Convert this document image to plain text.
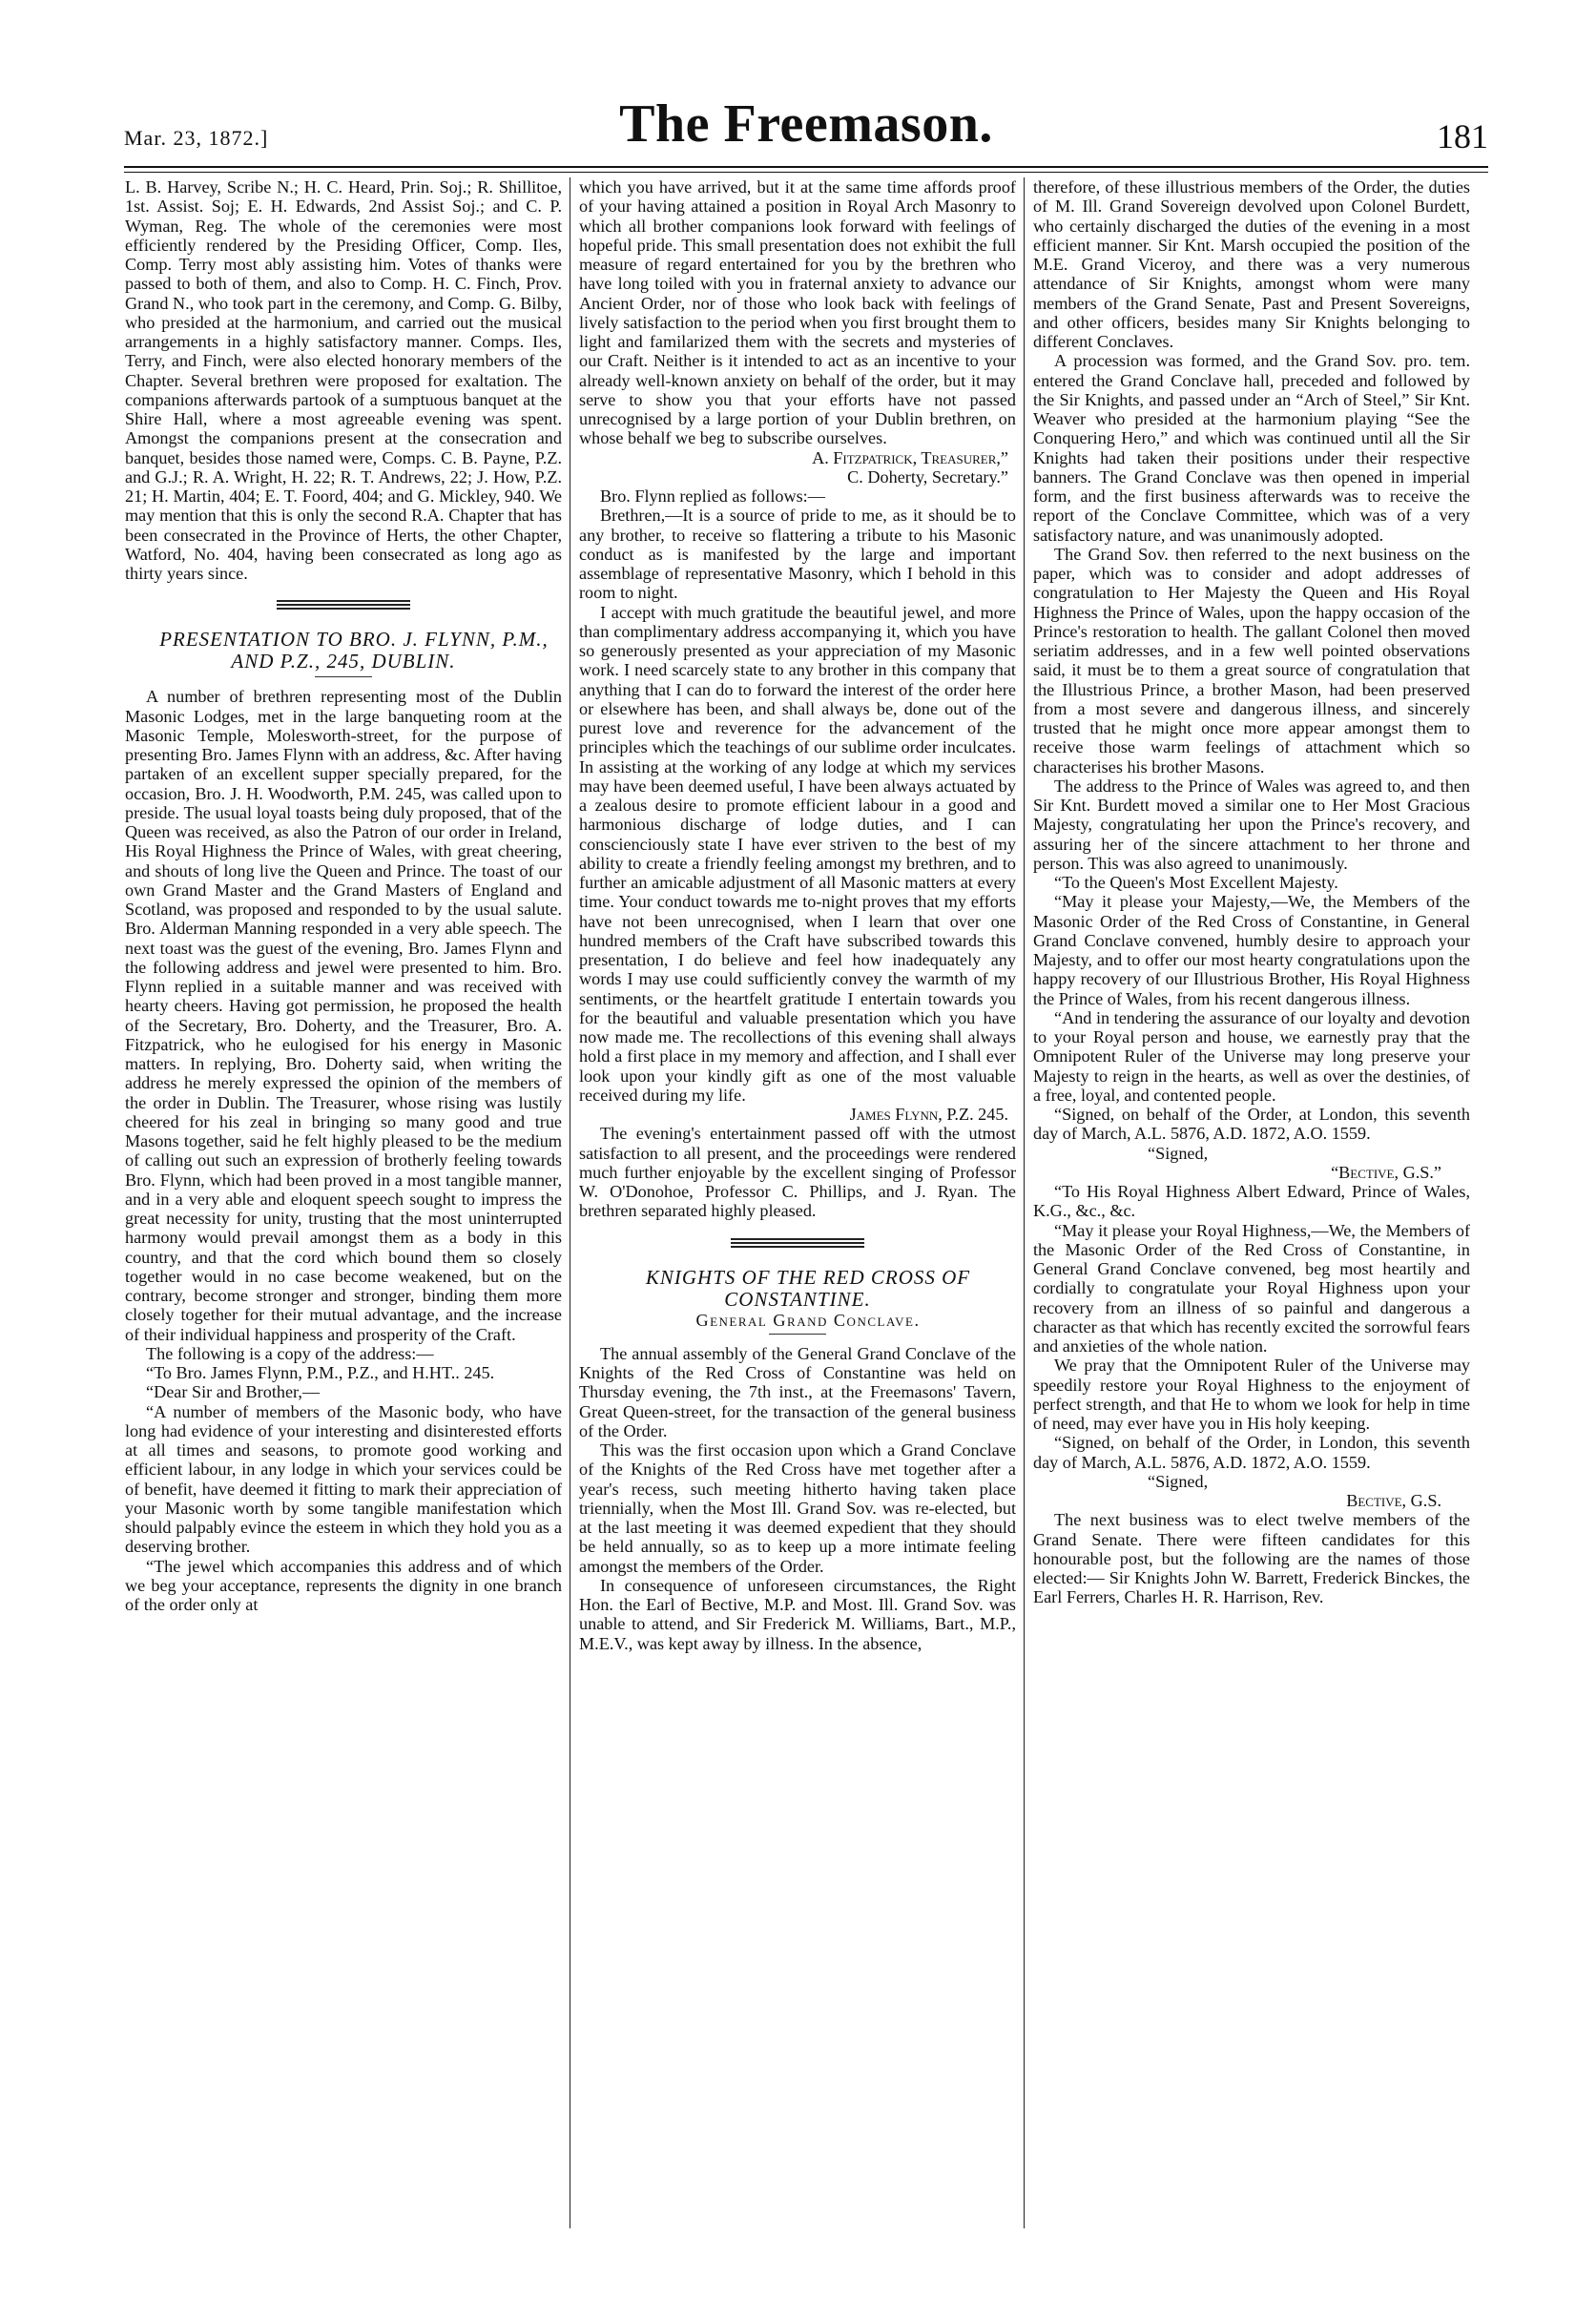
Mar. 23, 1872.]	The Freemason.	181

L. B. Harvey, Scribe N.; H. C. Heard, Prin. Soj.; R. Shillitoe, 1st. Assist. Soj; E. H. Edwards, 2nd Assist Soj.; and C. P. Wyman, Reg. The whole of the ceremonies were most efficiently rendered by the Presiding Officer, Comp. Iles, Comp. Terry most ably assisting him. Votes of thanks were passed to both of them, and also to Comp. H. C. Finch, Prov. Grand N., who took part in the ceremony, and Comp. G. Bilby, who presided at the harmonium, and carried out the musical arrangements in a highly satisfactory manner. Comps. Iles, Terry, and Finch, were also elected honorary members of the Chapter. Several brethren were proposed for exaltation. The companions afterwards partook of a sumptuous banquet at the Shire Hall, where a most agreeable evening was spent. Amongst the companions present at the consecration and banquet, besides those named were, Comps. C. B. Payne, P.Z. and G.J.; R. A. Wright, H. 22; R. T. Andrews, 22; J. How, P.Z. 21; H. Martin, 404; E. T. Foord, 404; and G. Mickley, 940. We may mention that this is only the second R.A. Chapter that has been consecrated in the Province of Herts, the other Chapter, Watford, No. 404, having been consecrated as long ago as thirty years since.

PRESENTATION TO BRO. J. FLYNN, P.M., AND P.Z., 245, DUBLIN.

A number of brethren representing most of the Dublin Masonic Lodges, met in the large banqueting room at the Masonic Temple, Molesworth-street, for the purpose of presenting Bro. James Flynn with an address, &c. After having partaken of an excellent supper specially prepared, for the occasion, Bro. J. H. Woodworth, P.M. 245, was called upon to preside. The usual loyal toasts being duly proposed, that of the Queen was received, as also the Patron of our order in Ireland, His Royal Highness the Prince of Wales, with great cheering, and shouts of long live the Queen and Prince. The toast of our own Grand Master and the Grand Masters of England and Scotland, was proposed and responded to by the usual salute. Bro. Alderman Manning responded in a very able speech. The next toast was the guest of the evening, Bro. James Flynn and the following address and jewel were presented to him. Bro. Flynn replied in a suitable manner and was received with hearty cheers. Having got permission, he proposed the health of the Secretary, Bro. Doherty, and the Treasurer, Bro. A. Fitzpatrick, who he eulogised for his energy in Masonic matters. In replying, Bro. Doherty said, when writing the address he merely expressed the opinion of the members of the order in Dublin. The Treasurer, whose rising was lustily cheered for his zeal in bringing so many good and true Masons together, said he felt highly pleased to be the medium of calling out such an expression of brotherly feeling towards Bro. Flynn, which had been proved in a most tangible manner, and in a very able and eloquent speech sought to impress the great necessity for unity, trusting that the most uninterrupted harmony would prevail amongst them as a body in this country, and that the cord which bound them so closely together would in no case become weakened, but on the contrary, become stronger and stronger, binding them more closely together for their mutual advantage, and the increase of their individual happiness and prosperity of the Craft.

The following is a copy of the address:—

“To Bro. James Flynn, P.M., P.Z., and H.HT.. 245.

“Dear Sir and Brother,—

“A number of members of the Masonic body, who have long had evidence of your interesting and disinterested efforts at all times and seasons, to promote good working and efficient labour, in any lodge in which your services could be of benefit, have deemed it fitting to mark their appreciation of your Masonic worth by some tangible manifestation which should palpably evince the esteem in which they hold you as a deserving brother.

“The jewel which accompanies this address and of which we beg your acceptance, represents the dignity in one branch of the order only at

which you have arrived, but it at the same time affords proof of your having attained a position in Royal Arch Masonry to which all brother companions look forward with feelings of hopeful pride. This small presentation does not exhibit the full measure of regard entertained for you by the brethren who have long toiled with you in fraternal anxiety to advance our Ancient Order, nor of those who look back with feelings of lively satisfaction to the period when you first brought them to light and familarized them with the secrets and mysteries of our Craft. Neither is it intended to act as an incentive to your already well-known anxiety on behalf of the order, but it may serve to show you that your efforts have not passed unrecognised by a large portion of your Dublin brethren, on whose behalf we beg to subscribe ourselves.

A. Fitzpatrick, Treasurer,”

C. Doherty, Secretary.”

Bro. Flynn replied as follows:—

Brethren,—It is a source of pride to me, as it should be to any brother, to receive so flattering a tribute to his Masonic conduct as is manifested by the large and important assemblage of representative Masonry, which I behold in this room to night.

I accept with much gratitude the beautiful jewel, and more than complimentary address accompanying it, which you have so generously presented as your appreciation of my Masonic work. I need scarcely state to any brother in this company that anything that I can do to forward the interest of the order here or elsewhere has been, and shall always be, done out of the purest love and reverence for the advancement of the principles which the teachings of our sublime order inculcates. In assisting at the working of any lodge at which my services may have been deemed useful, I have been always actuated by a zealous desire to promote efficient labour in a good and harmonious discharge of lodge duties, and I can conscienciously state I have ever striven to the best of my ability to create a friendly feeling amongst my brethren, and to further an amicable adjustment of all Masonic matters at every time. Your conduct towards me to-night proves that my efforts have not been unrecognised, when I learn that over one hundred members of the Craft have subscribed towards this presentation, I do believe and feel how inadequately any words I may use could sufficiently convey the warmth of my sentiments, or the heartfelt gratitude I entertain towards you for the beautiful and valuable presentation which you have now made me. The recollections of this evening shall always hold a first place in my memory and affection, and I shall ever look upon your kindly gift as one of the most valuable received during my life.

James Flynn, P.Z. 245.

The evening's entertainment passed off with the utmost satisfaction to all present, and the proceedings were rendered much further enjoyable by the excellent singing of Professor W. O'Donohoe, Professor C. Phillips, and J. Ryan. The brethren separated highly pleased.

KNIGHTS OF THE RED CROSS OF CONSTANTINE.

General Grand Conclave.

The annual assembly of the General Grand Conclave of the Knights of the Red Cross of Constantine was held on Thursday evening, the 7th inst., at the Freemasons' Tavern, Great Queen-street, for the transaction of the general business of the Order.

This was the first occasion upon which a Grand Conclave of the Knights of the Red Cross have met together after a year's recess, such meeting hitherto having taken place triennially, when the Most Ill. Grand Sov. was re-elected, but at the last meeting it was deemed expedient that they should be held annually, so as to keep up a more intimate feeling amongst the members of the Order.

In consequence of unforeseen circumstances, the Right Hon. the Earl of Bective, M.P. and Most. Ill. Grand Sov. was unable to attend, and Sir Frederick M. Williams, Bart., M.P., M.E.V., was kept away by illness. In the absence,

therefore, of these illustrious members of the Order, the duties of M. Ill. Grand Sovereign devolved upon Colonel Burdett, who certainly discharged the duties of the evening in a most efficient manner. Sir Knt. Marsh occupied the position of the M.E. Grand Viceroy, and there was a very numerous attendance of Sir Knights, amongst whom were many members of the Grand Senate, Past and Present Sovereigns, and other officers, besides many Sir Knights belonging to different Conclaves.

A procession was formed, and the Grand Sov. pro. tem. entered the Grand Conclave hall, preceded and followed by the Sir Knights, and passed under an “Arch of Steel,” Sir Knt. Weaver who presided at the harmonium playing “See the Conquering Hero,” and which was continued until all the Sir Knights had taken their positions under their respective banners. The Grand Conclave was then opened in imperial form, and the first business afterwards was to receive the report of the Conclave Committee, which was of a very satisfactory nature, and was unanimously adopted.

The Grand Sov. then referred to the next business on the paper, which was to consider and adopt addresses of congratulation to Her Majesty the Queen and His Royal Highness the Prince of Wales, upon the happy occasion of the Prince's restoration to health. The gallant Colonel then moved seriatim addresses, and in a few well pointed observations said, it must be to them a great source of congratulation that the Illustrious Prince, a brother Mason, had been preserved from a most severe and dangerous illness, and sincerely trusted that he might once more appear amongst them to receive those warm feelings of attachment which so characterises his brother Masons.

The address to the Prince of Wales was agreed to, and then Sir Knt. Burdett moved a similar one to Her Most Gracious Majesty, congratulating her upon the Prince's recovery, and assuring her of the sincere attachment to her throne and person. This was also agreed to unanimously.

“To the Queen's Most Excellent Majesty.

“May it please your Majesty,—We, the Members of the Masonic Order of the Red Cross of Constantine, in General Grand Conclave convened, humbly desire to approach your Majesty, and to offer our most hearty congratulations upon the happy recovery of our Illustrious Brother, His Royal Highness the Prince of Wales, from his recent dangerous illness.

“And in tendering the assurance of our loyalty and devotion to your Royal person and house, we earnestly pray that the Omnipotent Ruler of the Universe may long preserve your Majesty to reign in the hearts, as well as over the destinies, of a free, loyal, and contented people.

“Signed, on behalf of the Order, at London, this seventh day of March, A.L. 5876, A.D. 1872, A.O. 1559.

“Signed,

“Bective, G.S.”

“To His Royal Highness Albert Edward, Prince of Wales, K.G., &c., &c.

“May it please your Royal Highness,—We, the Members of the Masonic Order of the Red Cross of Constantine, in General Grand Conclave convened, beg most heartily and cordially to congratulate your Royal Highness upon your recovery from an illness of so painful and dangerous a character as that which has recently excited the sorrowful fears and anxieties of the whole nation.

We pray that the Omnipotent Ruler of the Universe may speedily restore your Royal Highness to the enjoyment of perfect strength, and that He to whom we look for help in time of need, may ever have you in His holy keeping.

“Signed, on behalf of the Order, in London, this seventh day of March, A.L. 5876, A.D. 1872, A.O. 1559.

“Signed,

Bective, G.S.

The next business was to elect twelve members of the Grand Senate. There were fifteen candidates for this honourable post, but the following are the names of those elected:— Sir Knights John W. Barrett, Frederick Binckes, the Earl Ferrers, Charles H. R. Harrison, Rev.
